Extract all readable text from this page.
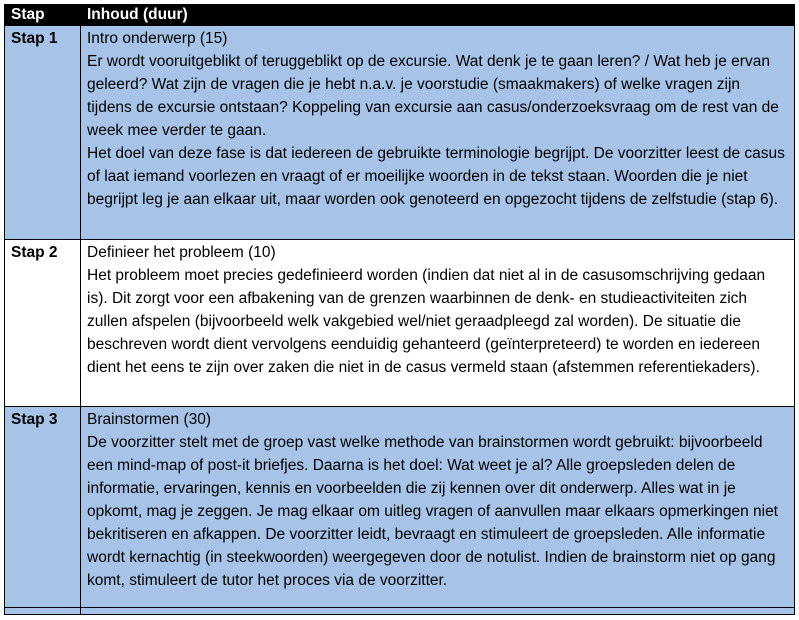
Stap	Inhoud (duur)
Stap 1	Intro onderwerp (15)
Er wordt vooruitgeblikt of teruggeblikt op de excursie. Wat denk je te gaan leren? / Wat heb je ervan geleerd? Wat zijn de vragen die je hebt n.a.v. je voorstudie (smaakmakers) of welke vragen zijn tijdens de excursie ontstaan? Koppeling van excursie aan casus/onderzoeksvraag om de rest van de week mee verder te gaan.
Het doel van deze fase is dat iedereen de gebruikte terminologie begrijpt. De voorzitter leest de casus of laat iemand voorlezen en vraagt of er moeilijke woorden in de tekst staan. Woorden die je niet begrijpt leg je aan elkaar uit, maar worden ook genoteerd en opgezocht tijdens de zelfstudie (stap 6).

Stap 2	Definieer het probleem (10)
Het probleem moet precies gedefinieerd worden (indien dat niet al in de casusomschrijving gedaan is). Dit zorgt voor een afbakening van de grenzen waarbinnen de denk- en studieactiviteiten zich zullen afspelen (bijvoorbeeld welk vakgebied wel/niet geraadpleegd zal worden). De situatie die beschreven wordt dient vervolgens eenduidig gehanteerd (geïnterpreteerd) te worden en iedereen dient het eens te zijn over zaken die niet in de casus vermeld staan (afstemmen referentiekaders).

Stap 3	Brainstormen (30)
De voorzitter stelt met de groep vast welke methode van brainstormen wordt gebruikt: bijvoorbeeld een mind-map of post-it briefjes. Daarna is het doel: Wat weet je al? Alle groepsleden delen de informatie, ervaringen, kennis en voorbeelden die zij kennen over dit onderwerp. Alles wat in je opkomt, mag je zeggen. Je mag elkaar om uitleg vragen of aanvullen maar elkaars opmerkingen niet bekritiseren en afkappen. De voorzitter leidt, bevraagt en stimuleert de groepsleden. Alle informatie wordt kernachtig (in steekwoorden) weergegeven door de notulist. Indien de brainstorm niet op gang komt, stimuleert de tutor het proces via de voorzitter.
